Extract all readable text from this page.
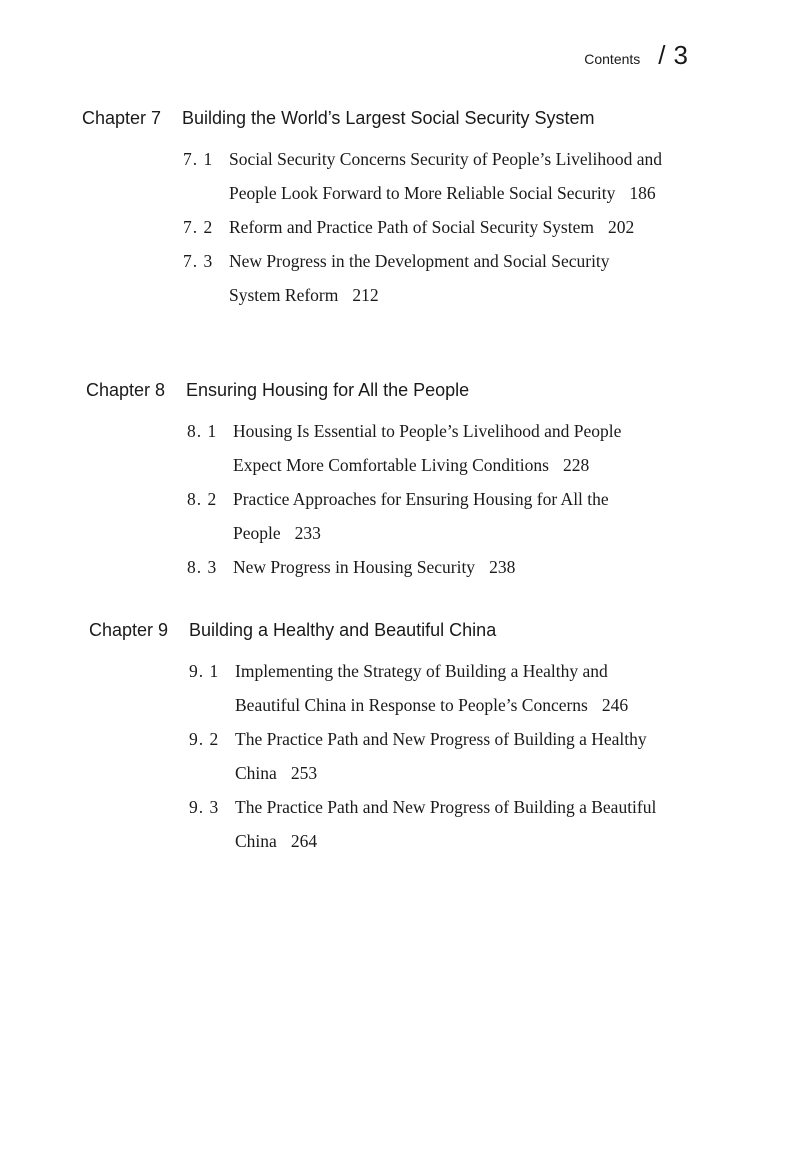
Contents / 3
Chapter 7	Building the World’s Largest Social Security System
7. 1 Social Security Concerns Security of People’s Livelihood and People Look Forward to More Reliable Social Security 186
7. 2 Reform and Practice Path of Social Security System 202
7. 3 New Progress in the Development and Social Security System Reform 212
Chapter 8	Ensuring Housing for All the People
8. 1 Housing Is Essential to People’s Livelihood and People Expect More Comfortable Living Conditions 228
8. 2 Practice Approaches for Ensuring Housing for All the People 233
8. 3 New Progress in Housing Security 238
Chapter 9	Building a Healthy and Beautiful China
9. 1 Implementing the Strategy of Building a Healthy and Beautiful China in Response to People’s Concerns 246
9. 2 The Practice Path and New Progress of Building a Healthy China 253
9. 3 The Practice Path and New Progress of Building a Beautiful China 264
